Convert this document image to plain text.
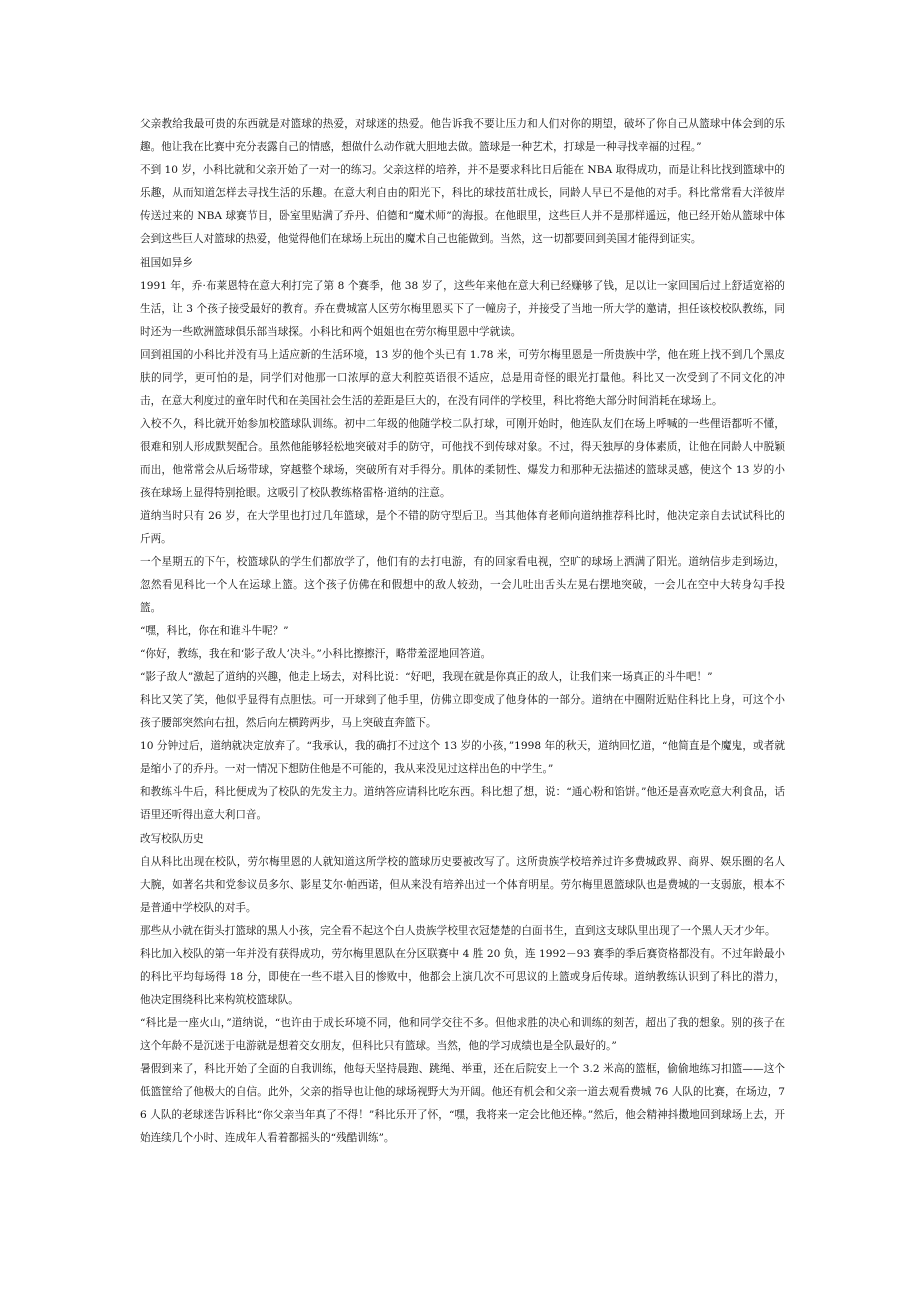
父亲教给我最可贵的东西就是对篮球的热爱，对球迷的热爱。他告诉我不要让压力和人们对你的期望，破坏了你自己从篮球中体会到的乐趣。他让我在比赛中充分表露自己的情感，想做什么动作就大胆地去做。篮球是一种艺术，打球是一种寻找幸福的过程。”

不到 10 岁，小科比就和父亲开始了一对一的练习。父亲这样的培养，并不是要求科比日后能在 NBA 取得成功，而是让科比找到篮球中的乐趣，从而知道怎样去寻找生活的乐趣。在意大利自由的阳光下，科比的球技茁壮成长，同龄人早已不是他的对手。科比常常看大洋彼岸传送过来的 NBA 球赛节目，卧室里贴满了乔丹、伯德和“魔术师”的海报。在他眼里，这些巨人并不是那样遥远，他已经开始从篮球中体会到这些巨人对篮球的热爱，他觉得他们在球场上玩出的魔术自己也能做到。当然，这一切都要回到美国才能得到证实。

祖国如异乡

1991 年，乔·布莱恩特在意大利打完了第 8 个赛季，他 38 岁了，这些年来他在意大利已经赚够了钱，足以让一家回国后过上舒适宽裕的生活，让 3 个孩子接受最好的教育。乔在费城富人区劳尔梅里恩买下了一幢房子，并接受了当地一所大学的邀请，担任该校校队教练，同时还为一些欧洲篮球俱乐部当球探。小科比和两个姐姐也在劳尔梅里恩中学就读。

回到祖国的小科比并没有马上适应新的生活环境，13 岁的他个头已有 1.78 米，可劳尔梅里恩是一所贵族中学，他在班上找不到几个黑皮肤的同学，更可怕的是，同学们对他那一口浓厚的意大利腔英语很不适应，总是用奇怪的眼光打量他。科比又一次受到了不同文化的冲击，在意大利度过的童年时代和在美国社会生活的差距是巨大的，在没有同伴的学校里，科比将绝大部分时间消耗在球场上。

入校不久，科比就开始参加校篮球队训练。初中二年级的他随学校二队打球，可刚开始时，他连队友们在场上呼喊的一些俚语都听不懂，很难和别人形成默契配合。虽然他能够轻松地突破对手的防守，可他找不到传球对象。不过，得天独厚的身体素质，让他在同龄人中脱颖而出，他常常会从后场带球，穿越整个球场，突破所有对手得分。肌体的柔韧性、爆发力和那种无法描述的篮球灵感，使这个 13 岁的小孩在球场上显得特别抢眼。这吸引了校队教练格雷格·道纳的注意。

道纳当时只有 26 岁，在大学里也打过几年篮球，是个不错的防守型后卫。当其他体育老师向道纳推荐科比时，他决定亲自去试试科比的斤两。

一个星期五的下午，校篮球队的学生们都放学了，他们有的去打电游，有的回家看电视，空旷的球场上洒满了阳光。道纳信步走到场边，忽然看见科比一个人在运球上篮。这个孩子仿佛在和假想中的敌人较劲，一会儿吐出舌头左晃右摆地突破，一会儿在空中大转身勾手投篮。

“嘿，科比，你在和谁斗牛呢？”

“你好，教练，我在和‘影子敌人’决斗。”小科比擦擦汗，略带羞涩地回答道。

“影子敌人”激起了道纳的兴趣，他走上场去，对科比说：“好吧，我现在就是你真正的敌人，让我们来一场真正的斗牛吧！”

科比又笑了笑，他似乎显得有点胆怯。可一开球到了他手里，仿佛立即变成了他身体的一部分。道纳在中圈附近贴住科比上身，可这个小孩子腰部突然向右扭，然后向左横跨两步，马上突破直奔篮下。

10 分钟过后，道纳就决定放弃了。“我承认，我的确打不过这个 13 岁的小孩，”1998 年的秋天，道纳回忆道，“他简直是个魔鬼，或者就是缩小了的乔丹。一对一情况下想防住他是不可能的，我从来没见过这样出色的中学生。”

和教练斗牛后，科比便成为了校队的先发主力。道纳答应请科比吃东西。科比想了想，说：“通心粉和馅饼。”他还是喜欢吃意大利食品，话语里还听得出意大利口音。

改写校队历史

自从科比出现在校队，劳尔梅里恩的人就知道这所学校的篮球历史要被改写了。这所贵族学校培养过许多费城政界、商界、娱乐圈的名人大腕，如著名共和党参议员多尔、影星艾尔·帕西诺，但从来没有培养出过一个体育明星。劳尔梅里恩篮球队也是费城的一支弱旅，根本不是普通中学校队的对手。

那些从小就在街头打篮球的黑人小孩，完全看不起这个白人贵族学校里衣冠楚楚的白面书生，直到这支球队里出现了一个黑人天才少年。

科比加入校队的第一年并没有获得成功，劳尔梅里恩队在分区联赛中 4 胜 20 负，连 1992－93 赛季的季后赛资格都没有。不过年龄最小的科比平均每场得 18 分，即使在一些不堪入目的惨败中，他都会上演几次不可思议的上篮或身后传球。道纳教练认识到了科比的潜力，他决定围绕科比来构筑校篮球队。

“科比是一座火山，”道纳说，“也许由于成长环境不同，他和同学交往不多。但他求胜的决心和训练的刻苦，超出了我的想象。别的孩子在这个年龄不是沉迷于电游就是想着交女朋友，但科比只有篮球。当然，他的学习成绩也是全队最好的。”

暑假到来了，科比开始了全面的自我训练，他每天坚持晨跑、跳绳、举重，还在后院安上一个 3.2 米高的篮框，偷偷地练习扣篮——这个低篮筐给了他极大的自信。此外，父亲的指导也让他的球场视野大为开阔。他还有机会和父亲一道去观看费城 76 人队的比赛，在场边，76 人队的老球迷告诉科比“你父亲当年真了不得！”科比乐开了怀，“嘿，我将来一定会比他还棒。”然后，他会精神抖擞地回到球场上去，开始连续几个小时、连成年人看着都摇头的“残酷训练”。
